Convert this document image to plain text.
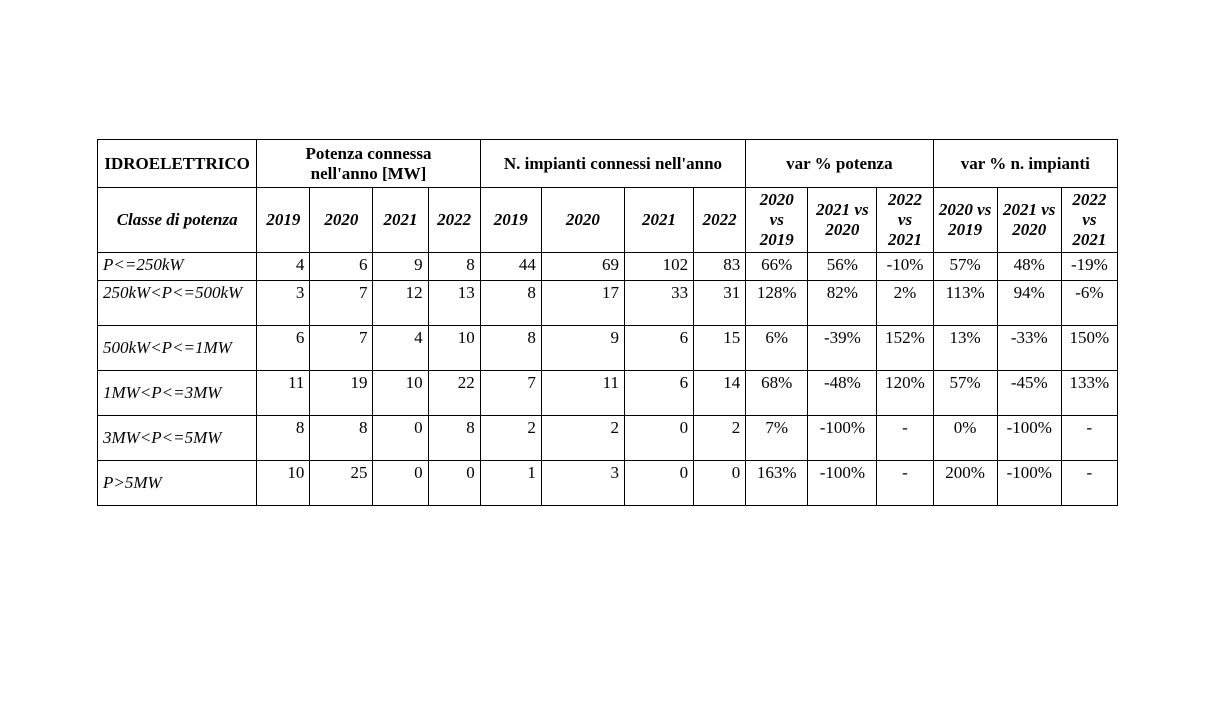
IDROELETTRICO	Potenza connessa nell'anno [MW]				N. impianti connessi nell'anno				var % potenza			var % n. impianti		
Classe di potenza	2019	2020	2021	2022	2019	2020	2021	2022	2020 vs 2019	2021 vs 2020	2022 vs 2021	2020 vs 2019	2021 vs 2020	2022 vs 2021
P<=250kW	4	6	9	8	44	69	102	83	66%	56%	-10%	57%	48%	-19%
250kW<P<=500kW	3	7	12	13	8	17	33	31	128%	82%	2%	113%	94%	-6%
500kW<P<=1MW	6	7	4	10	8	9	6	15	6%	-39%	152%	13%	-33%	150%
1MW<P<=3MW	11	19	10	22	7	11	6	14	68%	-48%	120%	57%	-45%	133%
3MW<P<=5MW	8	8	0	8	2	2	0	2	7%	-100%	-	0%	-100%	-
P>5MW	10	25	0	0	1	3	0	0	163%	-100%	-	200%	-100%	-
